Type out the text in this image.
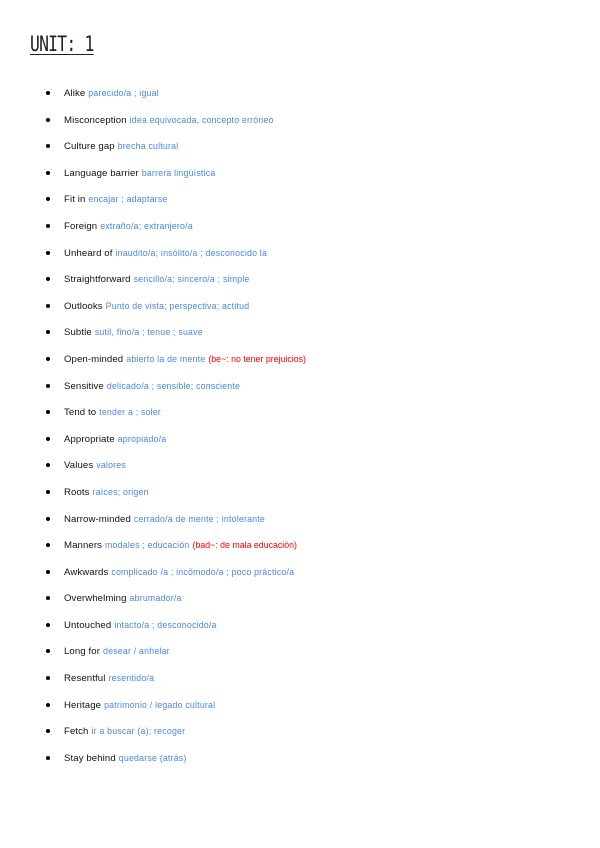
UNIT: 1
Alike parecido/a ; igual
Misconception idea equivocada, concepto erróneo
Culture gap brecha cultural
Language barrier barrera lingüística
Fit in encajar ; adaptarse
Foreign extraño/a; extranjero/a
Unheard of inaudito/a; insólito/a ; desconocido la
Straightforward sencillo/a; sincero/a ; simple
Outlooks Punto de vista; perspectiva; actitud
Subtle sutil, fino/a ; tenue ; suave
Open-minded abierto la de mente (be~: no tener prejuicios)
Sensitive delicado/a ; sensible; consciente
Tend to tender a ; soler
Appropriate apropiado/a
Values valores
Roots raíces; origen
Narrow-minded cerrado/a de mente ; intolerante
Manners modales ; educación (bad~: de mala educación)
Awkwards complicado /a ; incômodo/a ; poco práctico/a
Overwhelming abrumador/a
Untouched intacto/a ; desconocido/a
Long for desear / anhelar
Resentful resentido/a
Heritage patrimonio / legado cultural
Fetch ir a buscar (a); recoger
Stay behind quedarse (atrás)
